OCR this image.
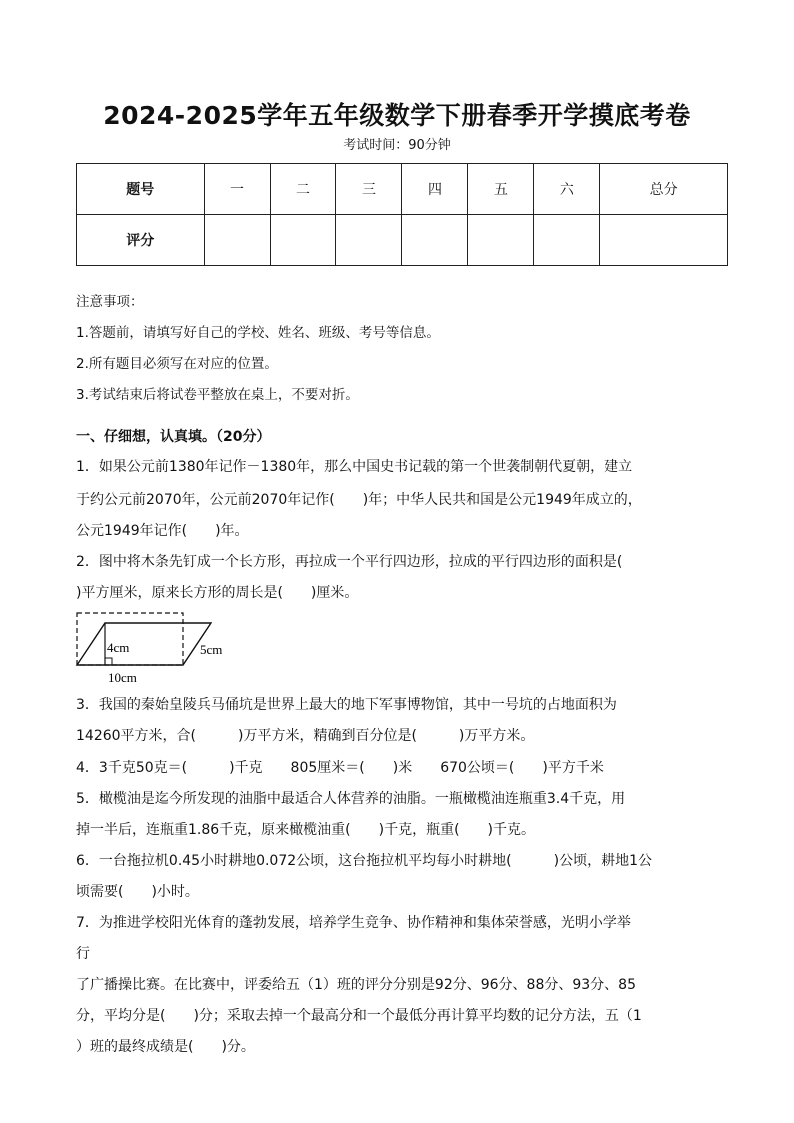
2024-2025学年五年级数学下册春季开学摸底考卷
考试时间：90分钟
题号	一	二	三	四	五	六	总分
评分							
注意事项：
1.答题前，请填写好自己的学校、姓名、班级、考号等信息。
2.所有题目必须写在对应的位置。
3.考试结束后将试卷平整放在桌上，不要对折。
一、仔细想，认真填。（20分）
1．如果公元前1380年记作－1380年，那么中国史书记载的第一个世袭制朝代夏朝，建立
于约公元前2070年，公元前2070年记作(　　)年；中华人民共和国是公元1949年成立的，
公元1949年记作(　　)年。
2．图中将木条先钉成一个长方形，再拉成一个平行四边形，拉成的平行四边形的面积是(
)平方厘米，原来长方形的周长是(　　)厘米。
4cm	5cm
10cm
3．我国的秦始皇陵兵马俑坑是世界上最大的地下军事博物馆，其中一号坑的占地面积为
14260平方米，合(　　　)万平方米，精确到百分位是(　　　)万平方米。
4．3千克50克＝(　　　)千克　　805厘米＝(　　)米　　670公顷＝(　　)平方千米
5．橄榄油是迄今所发现的油脂中最适合人体营养的油脂。一瓶橄榄油连瓶重3.4千克，用
掉一半后，连瓶重1.86千克，原来橄榄油重(　　)千克，瓶重(　　)千克。
6．一台拖拉机0.45小时耕地0.072公顷，这台拖拉机平均每小时耕地(　　　)公顷，耕地1公
顷需要(　　)小时。
7．为推进学校阳光体育的蓬勃发展，培养学生竞争、协作精神和集体荣誉感，光明小学举
行
了广播操比赛。在比赛中，评委给五（1）班的评分分别是92分、96分、88分、93分、85
分，平均分是(　　)分；采取去掉一个最高分和一个最低分再计算平均数的记分方法，五（1
）班的最终成绩是(　　)分。
